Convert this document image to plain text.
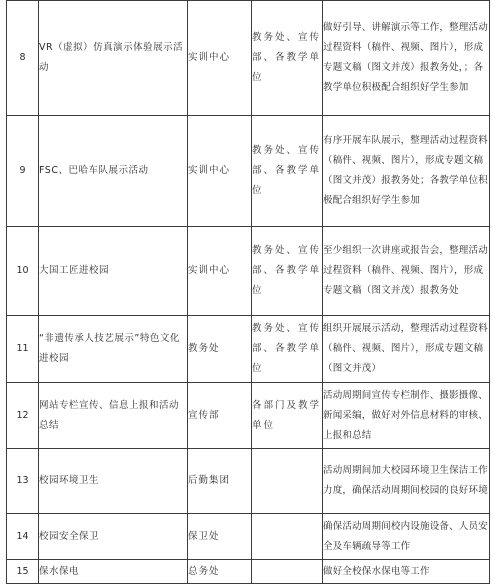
8	VR（虚拟）仿真演示体验展示活动	实训中心	教务处、宣传部、各教学单位	做好引导、讲解演示等工作，整理活动过程资料（稿件、视频、图片），形成专题文稿（图文并茂）报教务处，；各教学单位积极配合组织好学生参加
9	FSC、巴哈车队展示活动	实训中心	教务处、宣传部、各教学单位	有序开展车队展示，整理活动过程资料（稿件、视频、图片），形成专题文稿（图文并茂）报教务处；各教学单位积极配合组织好学生参加
10	大国工匠进校园	实训中心	教务处、宣传部、各教学单位	至少组织一次讲座或报告会，整理活动过程资料（稿件、视频、图片），形成专题文稿（图文并茂）报教务处
11	“非遗传承人技艺展示”特色文化进校园	教务处	教务处、宣传部、各教学单位	组织开展展示活动，整理活动过程资料（稿件、视频、图片），形成专题文稿（图文并茂）
12	网站专栏宣传、信息上报和活动总结	宣传部	各部门及教学单位	活动周期间宣传专栏制作、摄影摄像、新闻采编，做好对外信息材料的审核、上报和总结
13	校园环境卫生	后勤集团		活动周期间加大校园环境卫生保洁工作力度，确保活动周期间校园的良好环境
14	校园安全保卫	保卫处		确保活动周期间校内设施设备、人员安全及车辆疏导等工作
15	保水保电	总务处		做好全校保水保电等工作
